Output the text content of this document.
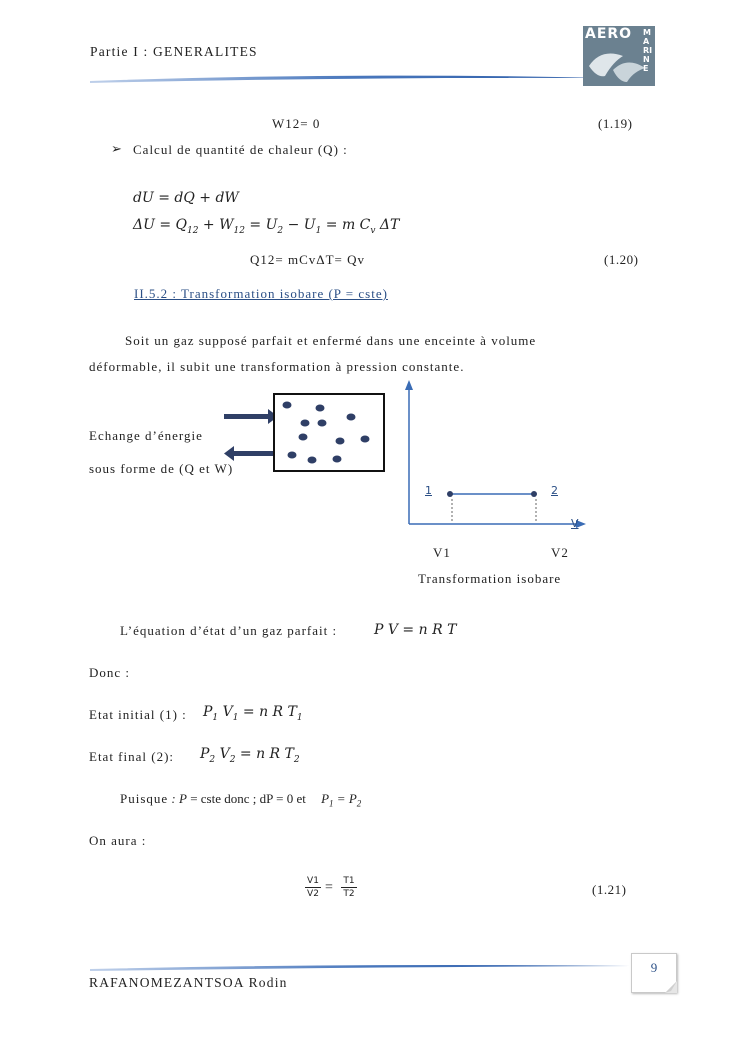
Partie I : GENERALITES
AERO MARINE
W12= 0	(1.19)
➢ Calcul de quantité de chaleur (Q) :
dU = dQ + dW
$\Delta U = Q_{12} + W_{12} = U_2 - U_1 = m$ $C_v$ ΔT
Q12= mCvΔT= Qv	(1.20)
II.5.2 : Transformation isobare (P = cste)
Soit un gaz supposé parfait et enfermé dans une enceinte à volume
déformable, il subit une transformation à pression constante.
Echange d’énergie
sous forme de (Q et W)
1	2
V
V1	V2
Transformation isobare
L’équation d’état d’un gaz parfait :	P V = n R T
Donc :
Etat initial (1) : $P_1$ $V_1 = n$ R $T_1$
Etat final (2): $P_2$ $V_2 = n$ R $T_2$
Puisque : P = cste donc ; dP = 0 et $P_1 = P_2$
On aura :
V1
V2 = T1
T2	(1.21)
RAFANOMEZANTSOA Rodin
9
